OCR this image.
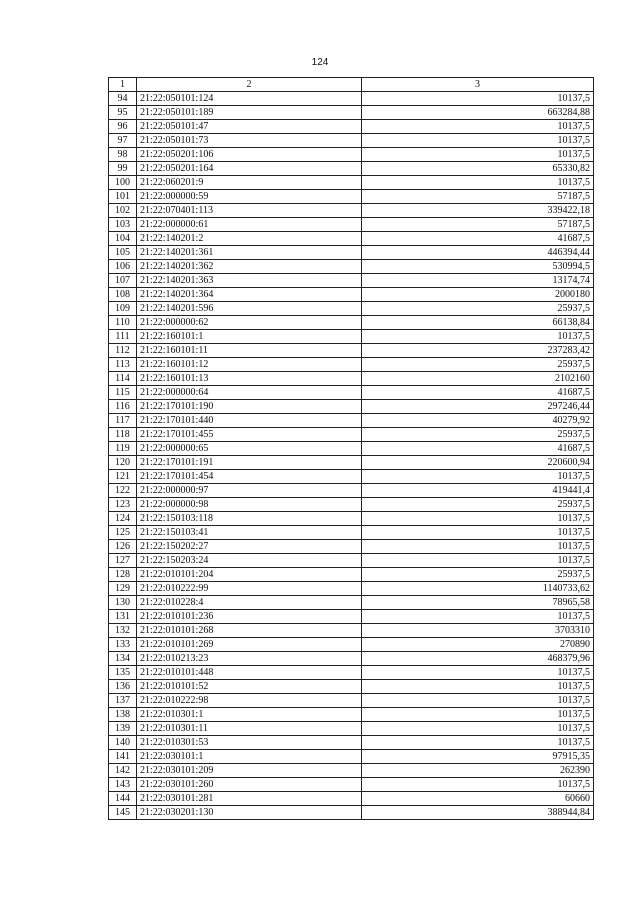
124
1	2	3
94	21:22:050101:124	10137,5
95	21:22:050101:189	663284,88
96	21:22:050101:47	10137,5
97	21:22:050101:73	10137,5
98	21:22:050201:106	10137,5
99	21:22:050201:164	65330,82
100	21:22:060201:9	10137,5
101	21:22:000000:59	57187,5
102	21:22:070401:113	339422,18
103	21:22:000000:61	57187,5
104	21:22:140201:2	41687,5
105	21:22:140201:361	446394,44
106	21:22:140201:362	530994,5
107	21:22:140201:363	13174,74
108	21:22:140201:364	2000180
109	21:22:140201:596	25937,5
110	21:22:000000:62	66138,84
111	21:22:160101:1	10137,5
112	21:22:160101:11	237283,42
113	21:22:160101:12	25937,5
114	21:22:160101:13	2102160
115	21:22:000000:64	41687,5
116	21:22:170101:190	297246,44
117	21:22:170101:440	40279,92
118	21:22:170101:455	25937,5
119	21:22:000000:65	41687,5
120	21:22:170101:191	220600,94
121	21:22:170101:454	10137,5
122	21:22:000000:97	419441,4
123	21:22:000000:98	25937,5
124	21:22:150103:118	10137,5
125	21:22:150103:41	10137,5
126	21:22:150202:27	10137,5
127	21:22:150203:24	10137,5
128	21:22:010101:204	25937,5
129	21:22:010222:99	1140733,62
130	21:22:010228:4	78965,58
131	21:22:010101:236	10137,5
132	21:22:010101:268	3703310
133	21:22:010101:269	270890
134	21:22:010213:23	468379,96
135	21:22:010101:448	10137,5
136	21:22:010101:52	10137,5
137	21:22:010222:98	10137,5
138	21:22:010301:1	10137,5
139	21:22:010301:11	10137,5
140	21:22:010301:53	10137,5
141	21:22:030101:1	97915,35
142	21:22:030101:209	262390
143	21:22:030101:260	10137,5
144	21:22:030101:281	60660
145	21:22:030201:130	388944,84
